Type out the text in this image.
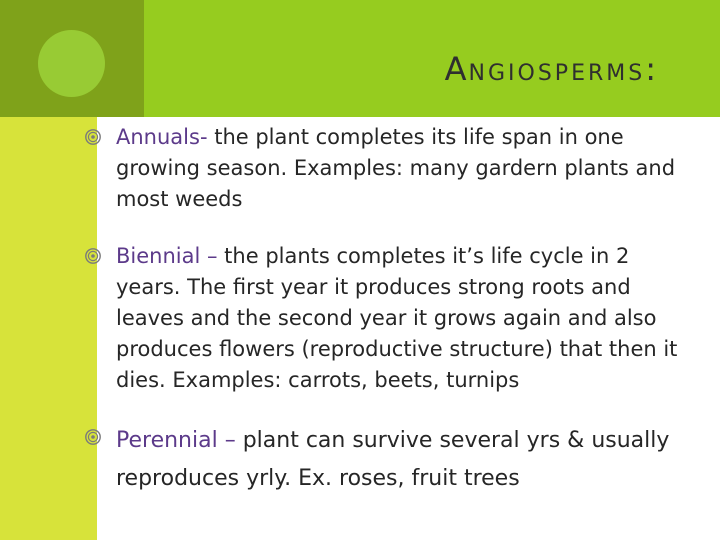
ANGIOSPERMS:
Annuals- the plant completes its life span in one growing season. Examples: many gardern plants and most weeds
Biennial – the plants completes it’s life cycle in 2 years. The first year it produces strong roots and leaves and the second year it grows again and also produces flowers (reproductive structure) that then it dies. Examples: carrots, beets, turnips
Perennial – plant can survive several yrs & usually reproduces yrly. Ex. roses, fruit trees
